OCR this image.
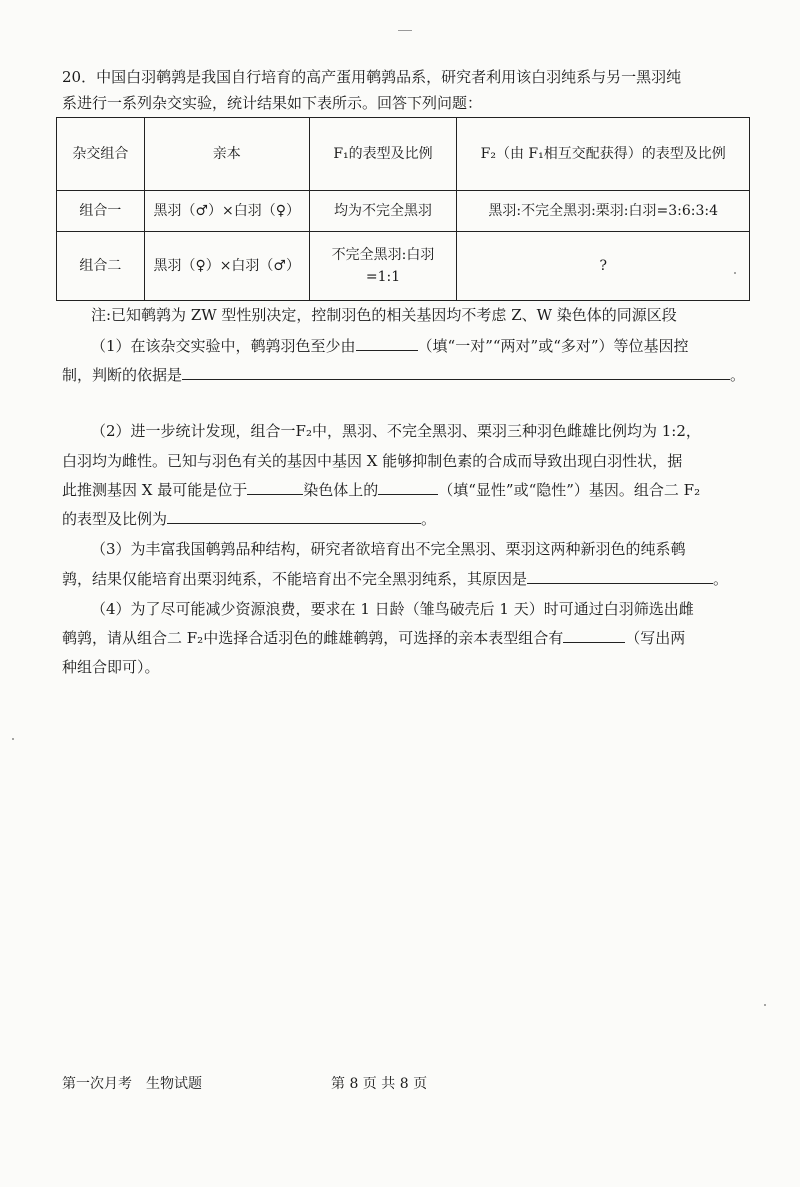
20．中国白羽鹌鹑是我国自行培育的高产蛋用鹌鹑品系，研究者利用该白羽纯系与另一黑羽纯
系进行一系列杂交实验，统计结果如下表所示。回答下列问题：
杂交组合	亲本	F₁的表型及比例	F₂（由 F₁相互交配获得）的表型及比例
组合一	黑羽（♂）×白羽（♀）	均为不完全黑羽	黑羽:不完全黑羽:栗羽:白羽=3:6:3:4
组合二	黑羽（♀）×白羽（♂）	不完全黑羽:白羽=1:1	?
注:已知鹌鹑为 ZW 型性别决定，控制羽色的相关基因均不考虑 Z、W 染色体的同源区段
（1）在该杂交实验中，鹌鹑羽色至少由	（填“一对”“两对”或“多对”）等位基因控
制，判断的依据是	。
（2）进一步统计发现，组合一F₂中，黑羽、不完全黑羽、栗羽三种羽色雌雄比例均为 1:2，
白羽均为雌性。已知与羽色有关的基因中基因 X 能够抑制色素的合成而导致出现白羽性状，据
此推测基因 X 最可能是位于	染色体上的	（填“显性”或“隐性”）基因。组合二 F₂
的表型及比例为	。
（3）为丰富我国鹌鹑品种结构，研究者欲培育出不完全黑羽、栗羽这两种新羽色的纯系鹌
鹑，结果仅能培育出栗羽纯系，不能培育出不完全黑羽纯系，其原因是	。
（4）为了尽可能减少资源浪费，要求在 1 日龄（雏鸟破壳后 1 天）时可通过白羽筛选出雌
鹌鹑，请从组合二 F₂中选择合适羽色的雌雄鹌鹑，可选择的亲本表型组合有	（写出两
种组合即可）。
第一次月考　生物试题	第 8 页 共 8 页
